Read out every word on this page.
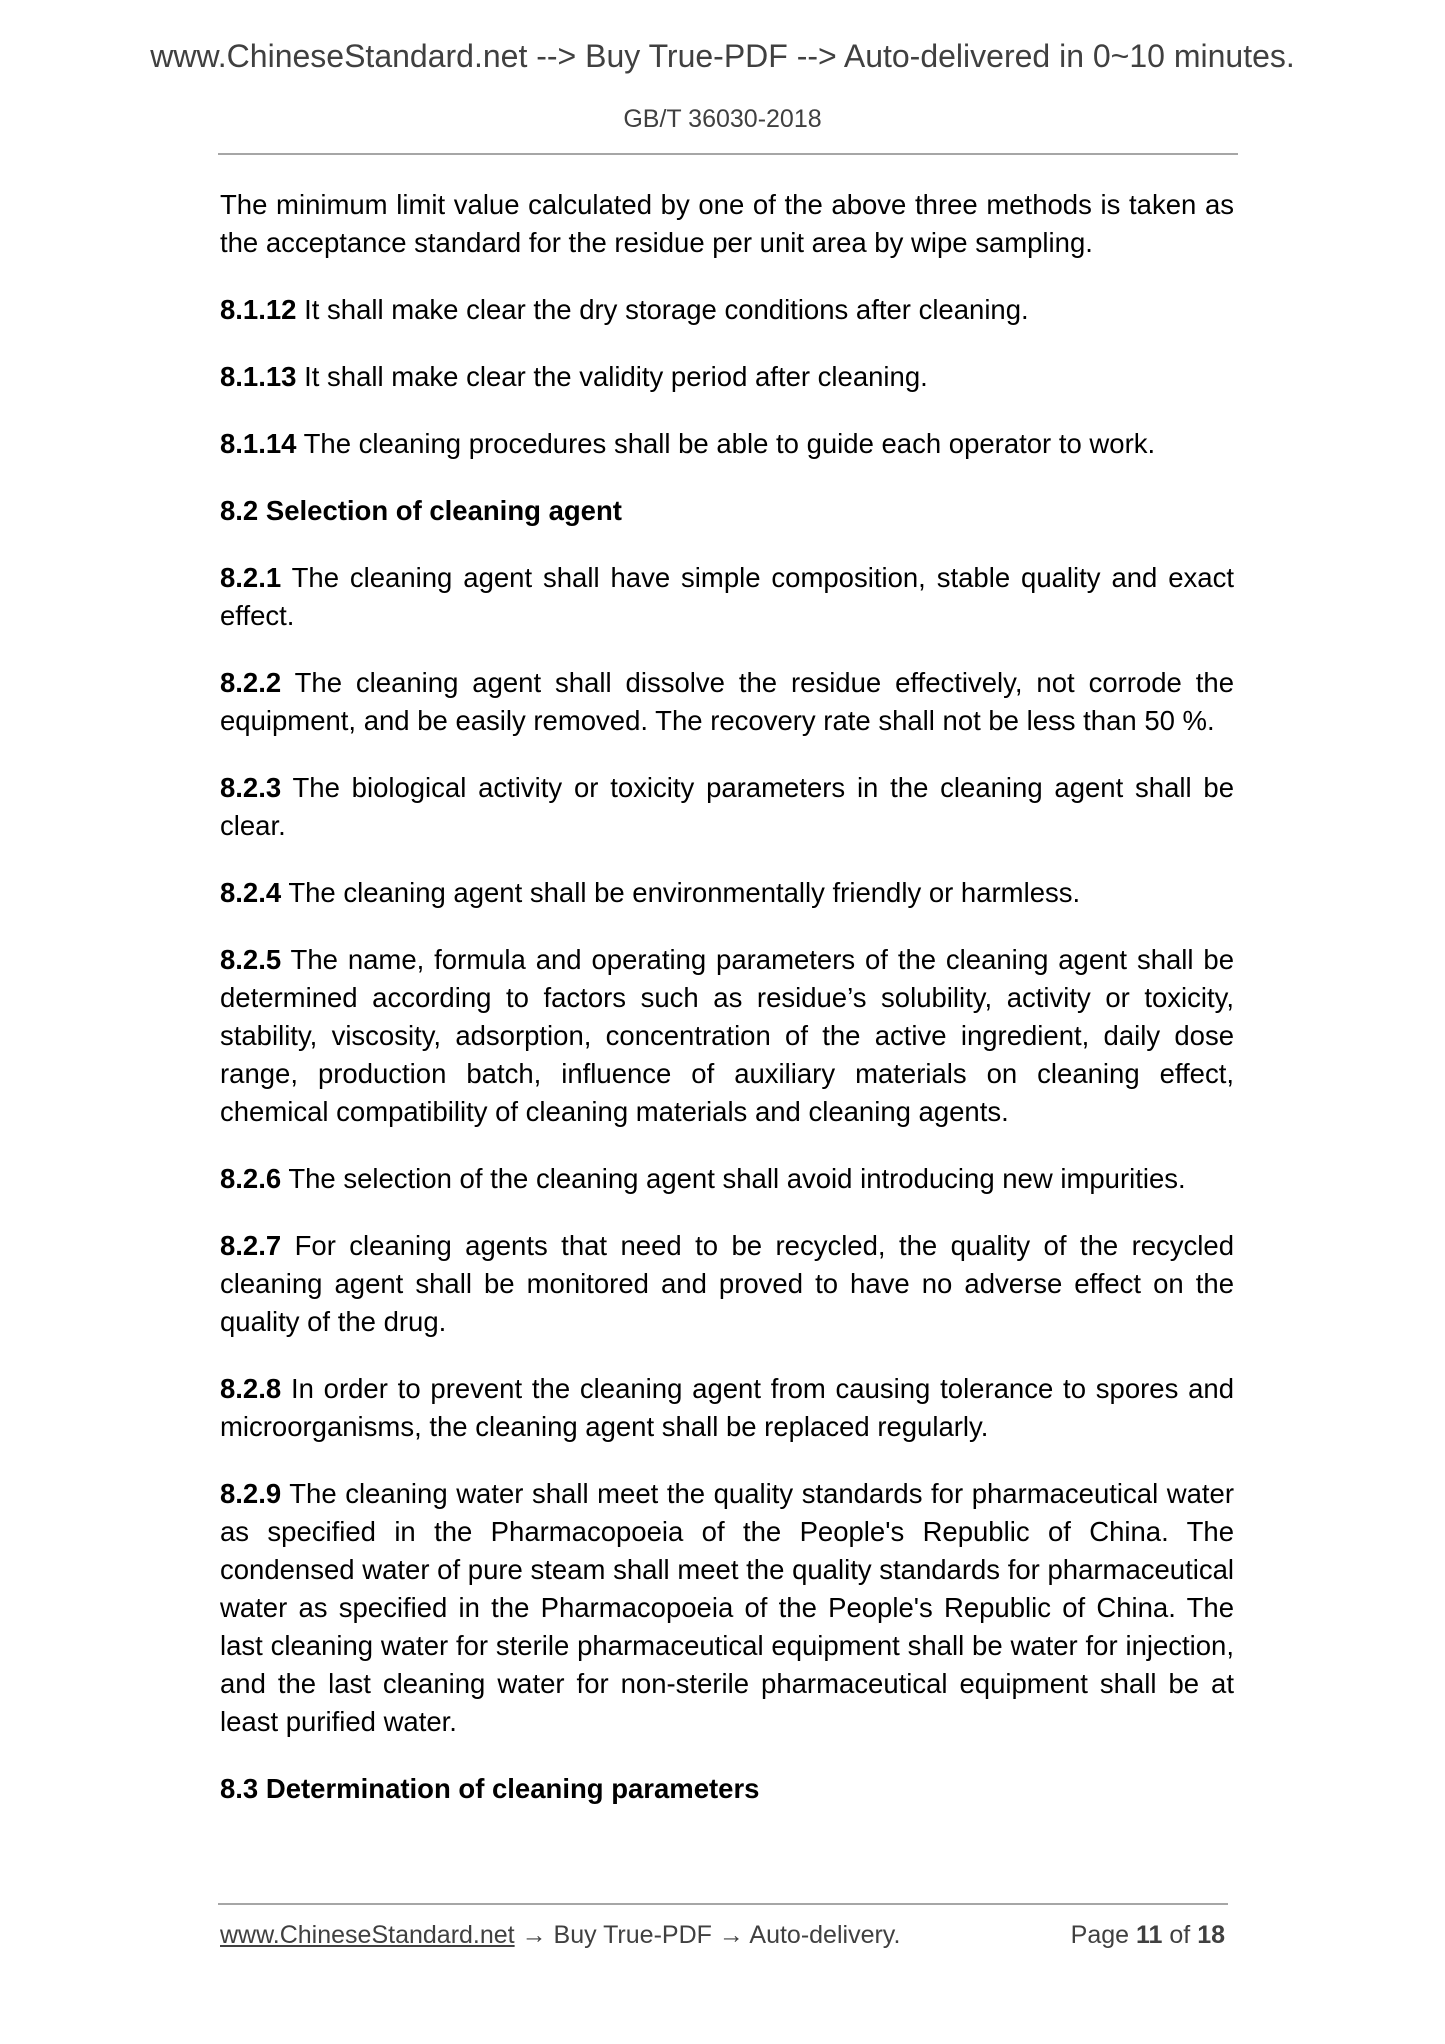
www.ChineseStandard.net --> Buy True-PDF --> Auto-delivered in 0~10 minutes.
GB/T 36030-2018

The minimum limit value calculated by one of the above three methods is taken as the acceptance standard for the residue per unit area by wipe sampling.

8.1.12 It shall make clear the dry storage conditions after cleaning.

8.1.13 It shall make clear the validity period after cleaning.

8.1.14 The cleaning procedures shall be able to guide each operator to work.

8.2 Selection of cleaning agent

8.2.1 The cleaning agent shall have simple composition, stable quality and exact effect.

8.2.2 The cleaning agent shall dissolve the residue effectively, not corrode the equipment, and be easily removed. The recovery rate shall not be less than 50 %.

8.2.3 The biological activity or toxicity parameters in the cleaning agent shall be clear.

8.2.4 The cleaning agent shall be environmentally friendly or harmless.

8.2.5 The name, formula and operating parameters of the cleaning agent shall be determined according to factors such as residue’s solubility, activity or toxicity, stability, viscosity, adsorption, concentration of the active ingredient, daily dose range, production batch, influence of auxiliary materials on cleaning effect, chemical compatibility of cleaning materials and cleaning agents.

8.2.6 The selection of the cleaning agent shall avoid introducing new impurities.

8.2.7 For cleaning agents that need to be recycled, the quality of the recycled cleaning agent shall be monitored and proved to have no adverse effect on the quality of the drug.

8.2.8 In order to prevent the cleaning agent from causing tolerance to spores and microorganisms, the cleaning agent shall be replaced regularly.

8.2.9 The cleaning water shall meet the quality standards for pharmaceutical water as specified in the Pharmacopoeia of the People's Republic of China. The condensed water of pure steam shall meet the quality standards for pharmaceutical water as specified in the Pharmacopoeia of the People's Republic of China. The last cleaning water for sterile pharmaceutical equipment shall be water for injection, and the last cleaning water for non-sterile pharmaceutical equipment shall be at least purified water.

8.3 Determination of cleaning parameters

www.ChineseStandard.net → Buy True-PDF → Auto-delivery.	Page 11 of 18
